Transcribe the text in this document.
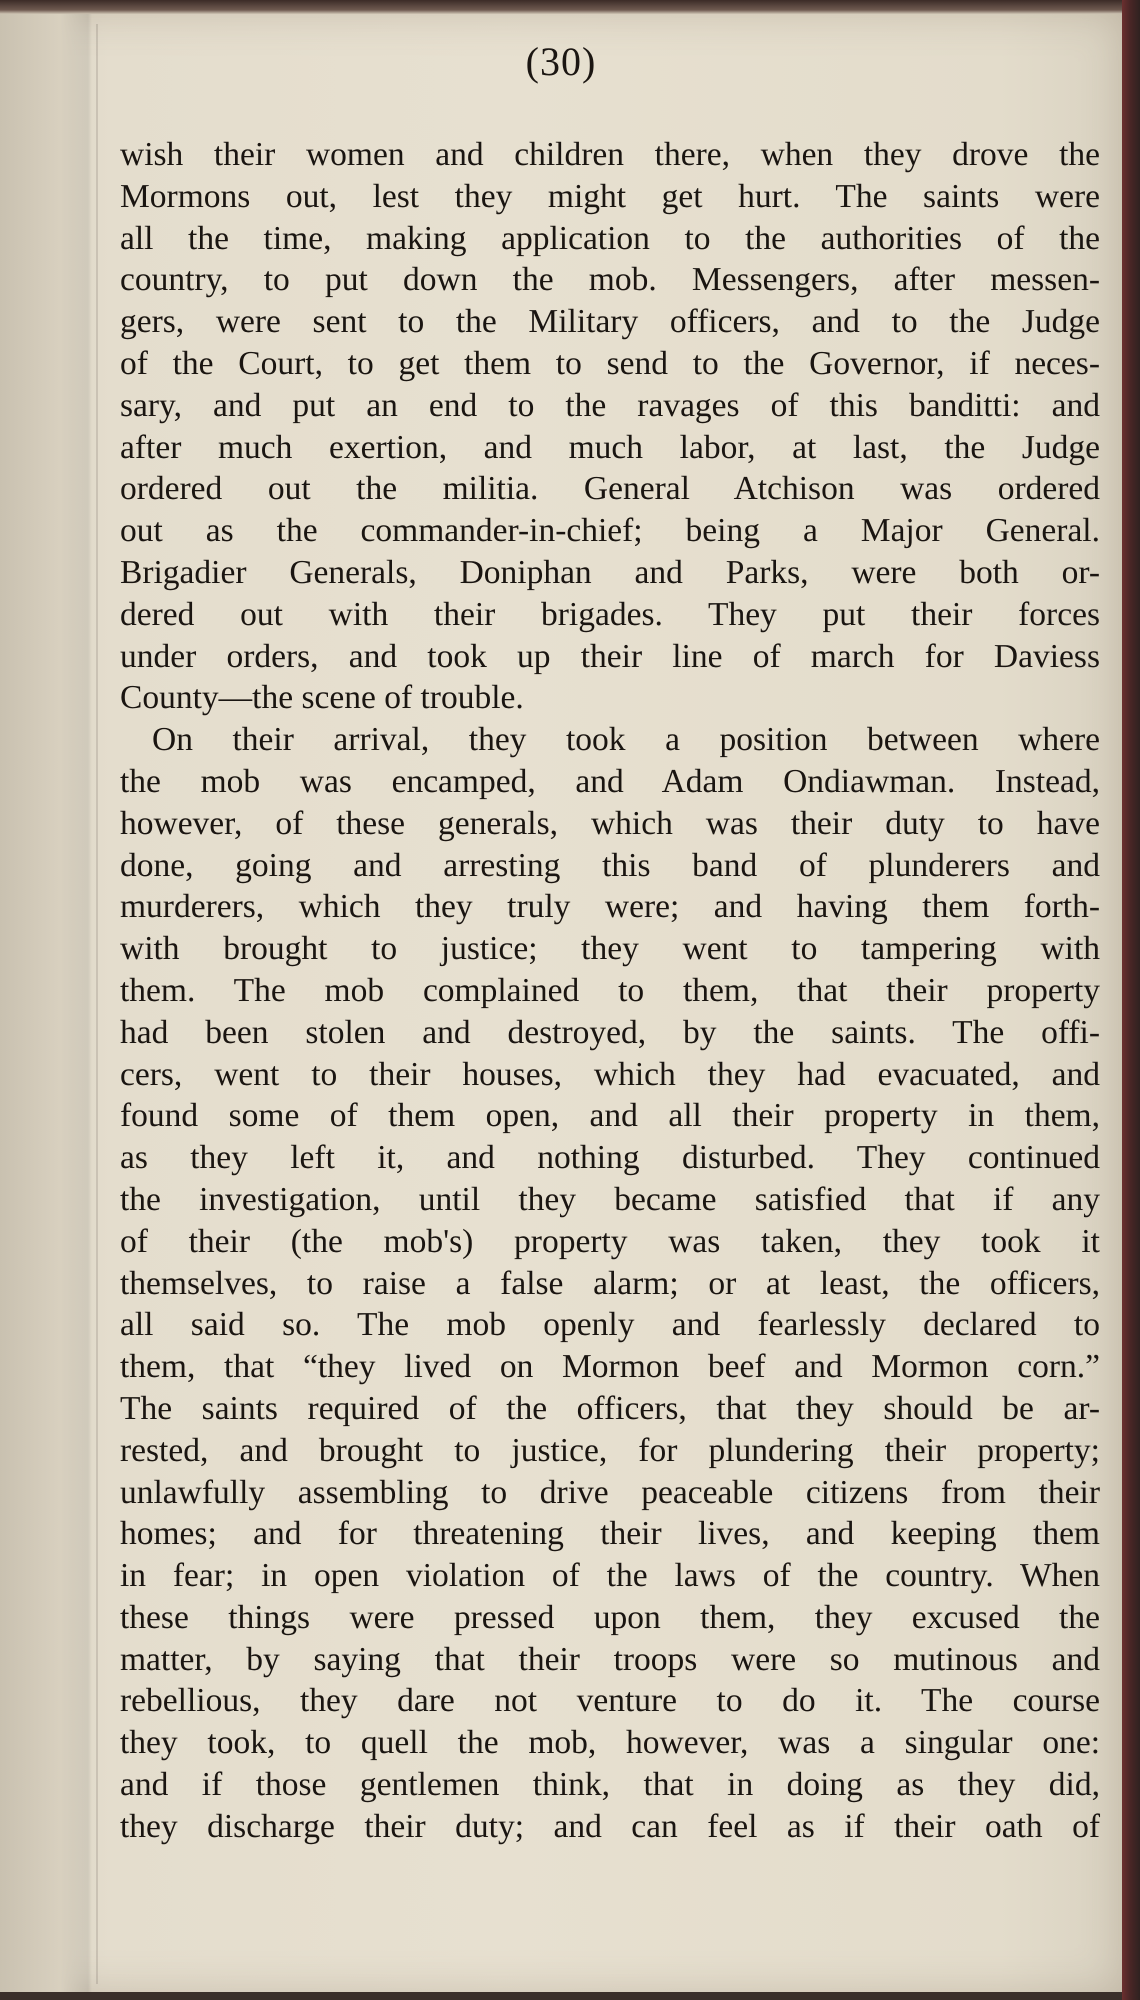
(30)
wish their women and children there, when they drove the
Mormons out, lest they might get hurt. The saints were
all the time, making application to the authorities of the
country, to put down the mob. Messengers, after messen-
gers, were sent to the Military officers, and to the Judge
of the Court, to get them to send to the Governor, if neces-
sary, and put an end to the ravages of this banditti: and
after much exertion, and much labor, at last, the Judge
ordered out the militia. General Atchison was ordered
out as the commander-in-chief; being a Major General.
Brigadier Generals, Doniphan and Parks, were both or-
dered out with their brigades. They put their forces
under orders, and took up their line of march for Daviess
County—the scene of trouble.
On their arrival, they took a position between where
the mob was encamped, and Adam Ondiawman. Instead,
however, of these generals, which was their duty to have
done, going and arresting this band of plunderers and
murderers, which they truly were; and having them forth-
with brought to justice; they went to tampering with
them. The mob complained to them, that their property
had been stolen and destroyed, by the saints. The offi-
cers, went to their houses, which they had evacuated, and
found some of them open, and all their property in them,
as they left it, and nothing disturbed. They continued
the investigation, until they became satisfied that if any
of their (the mob's) property was taken, they took it
themselves, to raise a false alarm; or at least, the officers,
all said so. The mob openly and fearlessly declared to
them, that “they lived on Mormon beef and Mormon corn.”
The saints required of the officers, that they should be ar-
rested, and brought to justice, for plundering their property;
unlawfully assembling to drive peaceable citizens from their
homes; and for threatening their lives, and keeping them
in fear; in open violation of the laws of the country. When
these things were pressed upon them, they excused the
matter, by saying that their troops were so mutinous and
rebellious, they dare not venture to do it. The course
they took, to quell the mob, however, was a singular one:
and if those gentlemen think, that in doing as they did,
they discharge their duty; and can feel as if their oath of
